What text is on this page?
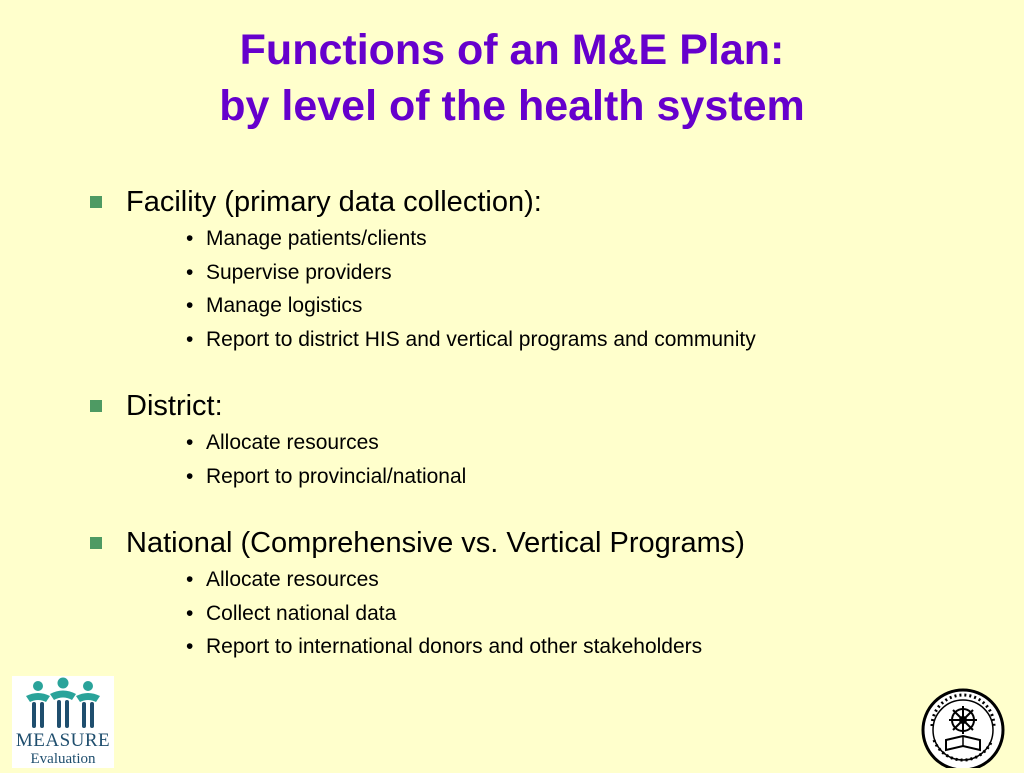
Functions of an M&E Plan:
by level of the health system
Facility (primary data collection):
• Manage patients/clients
• Supervise providers
• Manage logistics
• Report to district HIS and vertical programs and community
District:
• Allocate resources
• Report to provincial/national
National (Comprehensive vs. Vertical Programs)
• Allocate resources
• Collect national data
• Report to international donors and other stakeholders
MEASURE
Evaluation
